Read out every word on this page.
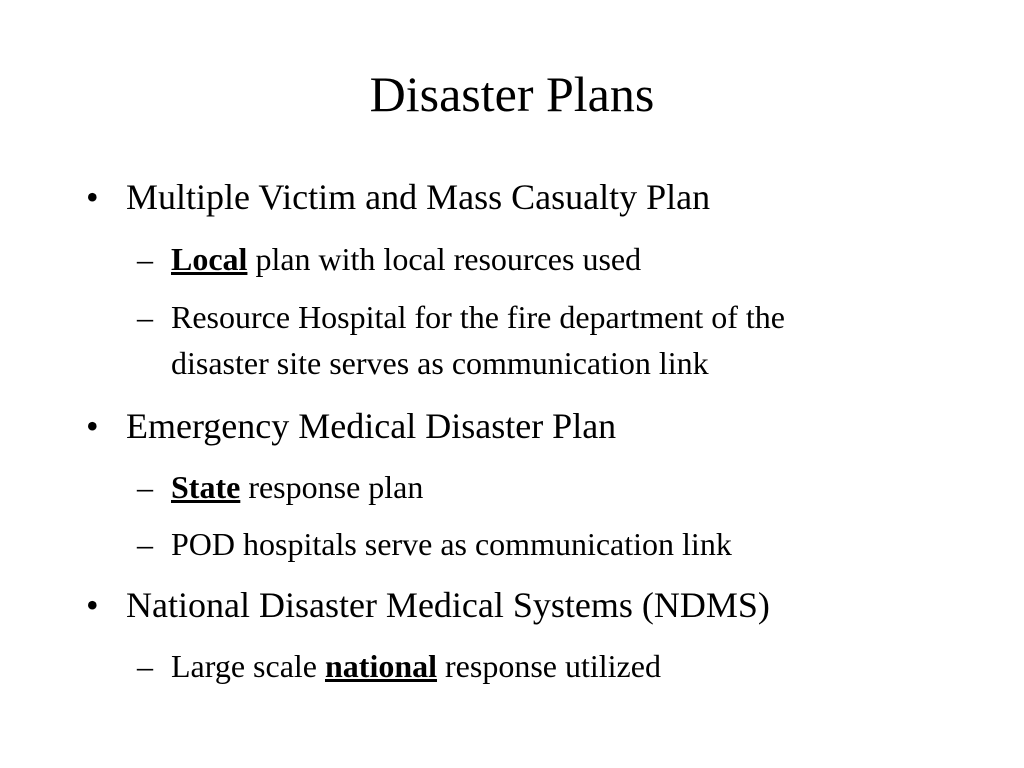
Disaster Plans
• Multiple Victim and Mass Casualty Plan
– Local plan with local resources used
– Resource Hospital for the fire department of the
disaster site serves as communication link
• Emergency Medical Disaster Plan
– State response plan
– POD hospitals serve as communication link
• National Disaster Medical Systems (NDMS)
– Large scale national response utilized
